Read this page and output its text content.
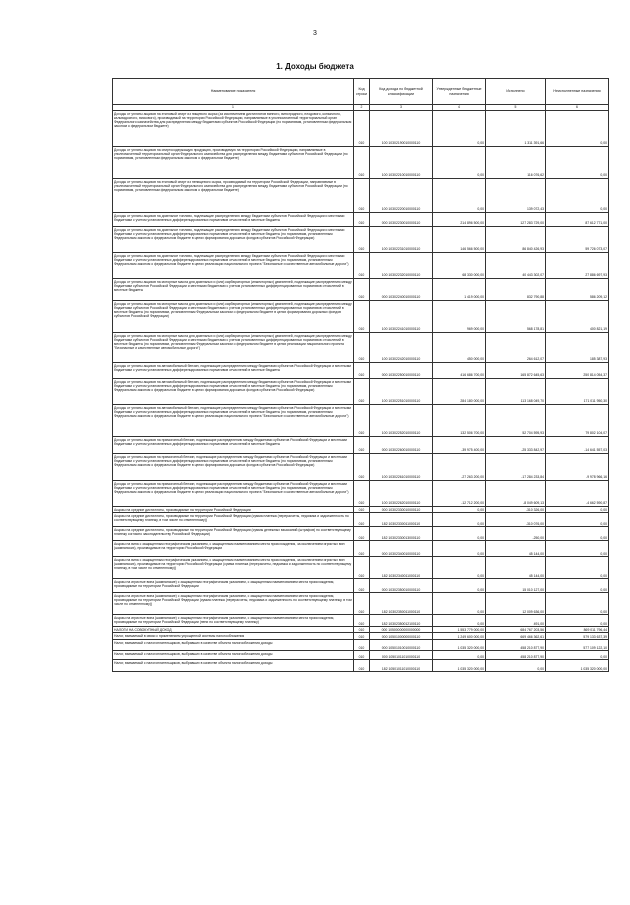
3
1. Доходы бюджета
Наименование показателя	Код строки	Код дохода по бюджетной классификации	Утвержденные бюджетные назначения	Исполнено	Неисполненные назначения
1	2	3	4	5	6
Доходы от уплаты акцизов на этиловый спирт из пищевого сырья (за исключением дистиллятов винного, виноградного, плодового, коньячного, кальвадосного, вискового), производимый на территории Российской Федерации, направляемые в уполномоченный территориальный орган Федерального казначейства для распределения между бюджетами субъектов Российской Федерации (по нормативам, установленным федеральным законом о федеральном бюджете)	010	100 10302190010000110	0,00	1 311 391,66	0,00
Доходы от уплаты акцизов на спиртосодержащую продукцию, производимую на территории Российской Федерации, направляемые в уполномоченный территориальный орган Федерального казначейства для распределения между бюджетами субъектов Российской Федерации (по нормативам, установленным федеральным законом о федеральном бюджете)	010	100 10302210010000110	0,00	116 076,62	0,00
Доходы от уплаты акцизов на этиловый спирт из непищевого сырья, производимый на территории Российской Федерации, направляемые в уполномоченный территориальный орган Федерального казначейства для распределения между бюджетами субъектов Российской Федерации (по нормативам, установленным федеральным законом о федеральном бюджете)	010	100 10302220010000110	0,00	139 072,43	0,00
Доходы от уплаты акцизов на дизельное топливо, подлежащие распределению между бюджетами субъектов Российской Федерации и местными бюджетами с учетом установленных дифференцированных нормативов отчислений в местные бюджеты	010	000 10302230010000110	214 896 500,00	127 283 729,00	87 612 771,00
Доходы от уплаты акцизов на дизельное топливо, подлежащие распределению между бюджетами субъектов Российской Федерации и местными бюджетами с учетом установленных дифференцированных нормативов отчислений в местные бюджеты (по нормативам, установленным Федеральным законом о федеральном бюджете в целях формирования дорожных фондов субъектов Российской Федерации)	010	100 10302231010000110	146 566 500,00	86 840 426,93	59 726 073,07
Доходы от уплаты акцизов на дизельное топливо, подлежащие распределению между бюджетами субъектов Российской Федерации и местными бюджетами с учетом установленных дифференцированных нормативов отчислений в местные бюджеты (по нормативам, установленным Федеральным законом о федеральном бюджете в целях реализации национального проекта "Безопасные и качественные автомобильные дороги")	010	100 10302232010000110	68 330 000,00	40 443 302,07	27 886 697,93
Доходы от уплаты акцизов на моторные масла для дизельных и (или) карбюраторных (инжекторных) двигателей, подлежащие распределению между бюджетами субъектов Российской Федерации и местными бюджетами с учетом установленных дифференцированных нормативов отчислений в местные бюджеты	010	000 10302240010000110	1 419 000,00	832 790,88	586 209,12
Доходы от уплаты акцизов на моторные масла для дизельных и (или) карбюраторных (инжекторных) двигателей, подлежащие распределению между бюджетами субъектов Российской Федерации и местными бюджетами с учетом установленных дифференцированных нормативов отчислений в местные бюджеты (по нормативам, установленным Федеральным законом о федеральном бюджете в целях формирования дорожных фондов субъектов Российской Федерации)	010	100 10302241010000110	969 000,00	568 178,81	400 821,19
Доходы от уплаты акцизов на моторные масла для дизельных и (или) карбюраторных (инжекторных) двигателей, подлежащие распределению между бюджетами субъектов Российской Федерации и местными бюджетами с учетом установленных дифференцированных нормативов отчислений в местные бюджеты (по нормативам, установленным Федеральным законом о федеральном бюджете в целях реализации национального проекта "Безопасные и качественные автомобильные дороги")	010	100 10302242010000110	450 000,00	264 612,07	185 387,93
Доходы от уплаты акцизов на автомобильный бензин, подлежащие распределению между бюджетами субъектов Российской Федерации и местными бюджетами с учетом установленных дифференцированных нормативов отчислений в местные бюджеты	010	000 10302250010000110	416 686 700,00	165 872 645,63	250 814 054,37
Доходы от уплаты акцизов на автомобильный бензин, подлежащие распределению между бюджетами субъектов Российской Федерации и местными бюджетами с учетом установленных дифференцированных нормативов отчислений в местные бюджеты (по нормативам, установленным Федеральным законом о федеральном бюджете в целях формирования дорожных фондов субъектов Российской Федерации)	010	100 10302251010000110	284 180 000,00	113 168 049,70	171 011 950,30
Доходы от уплаты акцизов на автомобильный бензин, подлежащие распределению между бюджетами субъектов Российской Федерации и местными бюджетами с учетом установленных дифференцированных нормативов отчислений в местные бюджеты (по нормативам, установленным Федеральным законом о федеральном бюджете в целях реализации национального проекта "Безопасные и качественные автомобильные дороги")	010	100 10302252010000110	132 506 700,00	52 704 595,93	79 802 104,07
Доходы от уплаты акцизов на прямогонный бензин, подлежащие распределению между бюджетами субъектов Российской Федерации и местными бюджетами с учетом установленных дифференцированных нормативов отчислений в местные бюджеты	010	000 10302260010000110	-39 975 400,00	-25 333 842,97	-14 641 557,03
Доходы от уплаты акцизов на прямогонный бензин, подлежащие распределению между бюджетами субъектов Российской Федерации и местными бюджетами с учетом установленных дифференцированных нормативов отчислений в местные бюджеты (по нормативам, установленным Федеральным законом о федеральном бюджете в целях формирования дорожных фондов субъектов Российской Федерации)	010	100 10302261010000110	-27 263 200,00	-17 284 233,84	-9 978 966,16
Доходы от уплаты акцизов на прямогонный бензин, подлежащие распределению между бюджетами субъектов Российской Федерации и местными бюджетами с учетом установленных дифференцированных нормативов отчислений в местные бюджеты (по нормативам, установленным Федеральным законом о федеральном бюджете в целях реализации национального проекта "Безопасные и качественные автомобильные дороги")	010	100 10302262010000110	-12 712 200,00	-8 049 609,13	-4 662 590,87
Акцизы на средние дистилляты, производимые на территории Российской Федерации	010	000 10302330010000110	0,00	-310 326,00	0,00
Акцизы на средние дистилляты, производимые на территории Российской Федерации (сумма платежа (перерасчеты, недоимка и задолженность по соответствующему платежу, в том числе по отмененному))	010	182 10302330011000110	0,00	-310 076,00	0,00
Акцизы на средние дистилляты, производимые на территории Российской Федерации (суммы денежных взысканий (штрафов) по соответствующему платежу согласно законодательству Российской Федерации)	010	182 10302330013000110	0,00	-250,00	0,00
Акцизы на вина с защищенным географическим указанием, с защищенным наименованием места происхождения, за исключением игристых вин (шампанских), производимые на территории Российской Федерации	010	000 10302340010000110	0,00	45 144,00	0,00
Акцизы на вина с защищенным географическим указанием, с защищенным наименованием места происхождения, за исключением игристых вин (шампанских), производимые на территории Российской Федерации (сумма платежа (перерасчеты, недоимка и задолженность по соответствующему платежу, в том числе по отмененному))	010	182 10302340011000110	0,00	45 144,00	0,00
Акцизы на игристые вина (шампанские) с защищенным географическим указанием, с защищенным наименованием места происхождения, производимые на территории Российской Федерации	010	000 10302350010000110	0,00	15 010 127,00	0,00
Акцизы на игристые вина (шампанские) с защищенным географическим указанием, с защищенным наименованием места происхождения, производимые на территории Российской Федерации (сумма платежа (перерасчеты, недоимка и задолженность по соответствующему платежу, в том числе по отмененному))	010	182 10302350011000110	0,00	12 009 636,00	0,00
Акцизы на игристые вина (шампанские) с защищенным географическим указанием, с защищенным наименованием места происхождения, производимые на территории Российской Федерации (пени по соответствующему платежу)	010	182 10302350012100110	0,00	491,00	0,00
НАЛОГИ НА СОВОКУПНЫЙ ДОХОД	010	000 10500000000000000	1 553 779 000,00	684 767 203,56	869 011 796,44
Налог, взимаемый в связи с применением упрощенной системы налогообложения	010	000 10501000000000110	1 249 600 000,00	669 466 362,61	579 133 637,39
Налог, взимаемый с налогоплательщиков, выбравших в качестве объекта налогообложения доходы	010	000 10501010010000110	1 035 320 000,00	458 210 877,90	577 109 122,10
Налог, взимаемый с налогоплательщиков, выбравших в качестве объекта налогообложения доходы	010	000 10501011010000110	0,00	458 210 877,90	0,00
Налог, взимаемый с налогоплательщиков, выбравших в качестве объекта налогообложения доходы	010	182 10501011010000110	1 035 320 000,00	0,00	1 035 320 000,00
